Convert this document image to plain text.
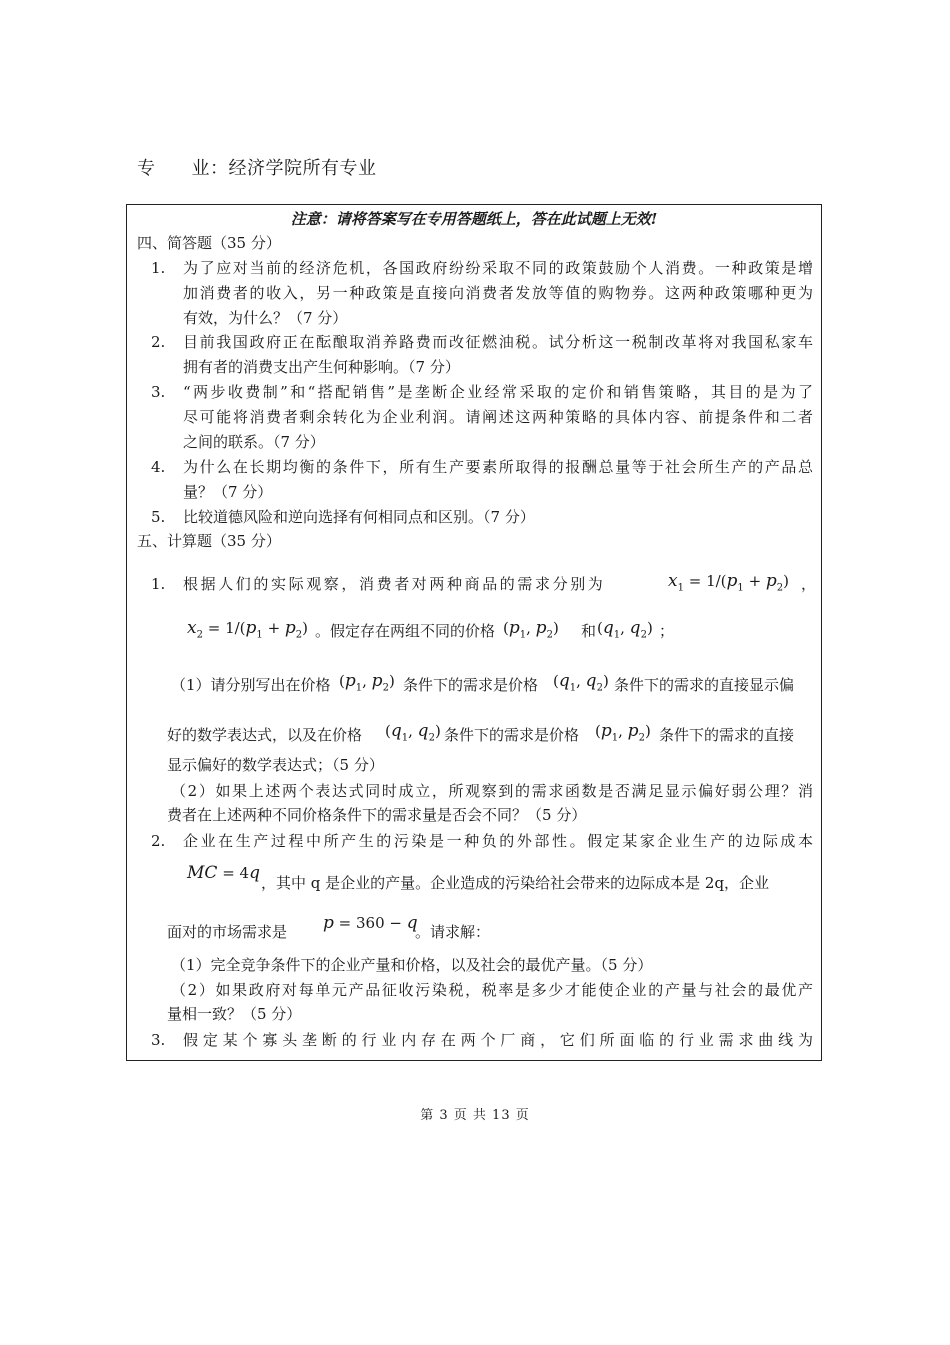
专 业：经济学院所有专业
注意：请将答案写在专用答题纸上，答在此试题上无效!
四、简答题（35 分）
1. 为了应对当前的经济危机，各国政府纷纷采取不同的政策鼓励个人消费。一种政策是增
加消费者的收入，另一种政策是直接向消费者发放等值的购物券。这两种政策哪种更为
有效，为什么？（7 分）
2. 目前我国政府正在酝酿取消养路费而改征燃油税。试分析这一税制改革将对我国私家车
拥有者的消费支出产生何种影响。（7 分）
3. “两步收费制”和“搭配销售”是垄断企业经常采取的定价和销售策略，其目的是为了
尽可能将消费者剩余转化为企业利润。请阐述这两种策略的具体内容、前提条件和二者
之间的联系。（7 分）
4. 为什么在长期均衡的条件下，所有生产要素所取得的报酬总量等于社会所生产的产品总
量？（7 分）
5. 比较道德风险和逆向选择有何相同点和区别。（7 分）
五、计算题（35 分）
1. 根据人们的实际观察，消费者对两种商品的需求分别为	$x_1 = 1/(p_1 + p_2)$ ，
$x_2 = 1/(p_1 + p_2)$ 。假定存在两组不同的价格 ($p_1$, $p_2$) 和 ($q_1$, $q_2$) ；
（1）请分别写出在价格 ($p_1$, $p_2$) 条件下的需求是价格 ($q_1$, $q_2$) 条件下的需求的直接显示偏
好的数学表达式，以及在价格 ($q_1$, $q_2$) 条件下的需求是价格 ($p_1$, $p_2$) 条件下的需求的直接
显示偏好的数学表达式；（5 分）
（2）如果上述两个表达式同时成立，所观察到的需求函数是否满足显示偏好弱公理？消
费者在上述两种不同价格条件下的需求量是否会不同？（5 分）
2. 企业在生产过程中所产生的污染是一种负的外部性。假定某家企业生产的边际成本
MC = 4q ，其中 q 是企业的产量。企业造成的污染给社会带来的边际成本是 2q，企业
面对的市场需求是 p = 360 − q
。请求解：
（1）完全竞争条件下的企业产量和价格，以及社会的最优产量。（5 分）
（2）如果政府对每单元产品征收污染税，税率是多少才能使企业的产量与社会的最优产
量相一致？（5 分）
3. 假定某个寡头垄断的行业内存在两个厂商，它们所面临的行业需求曲线为
第 3 页 共 13 页
